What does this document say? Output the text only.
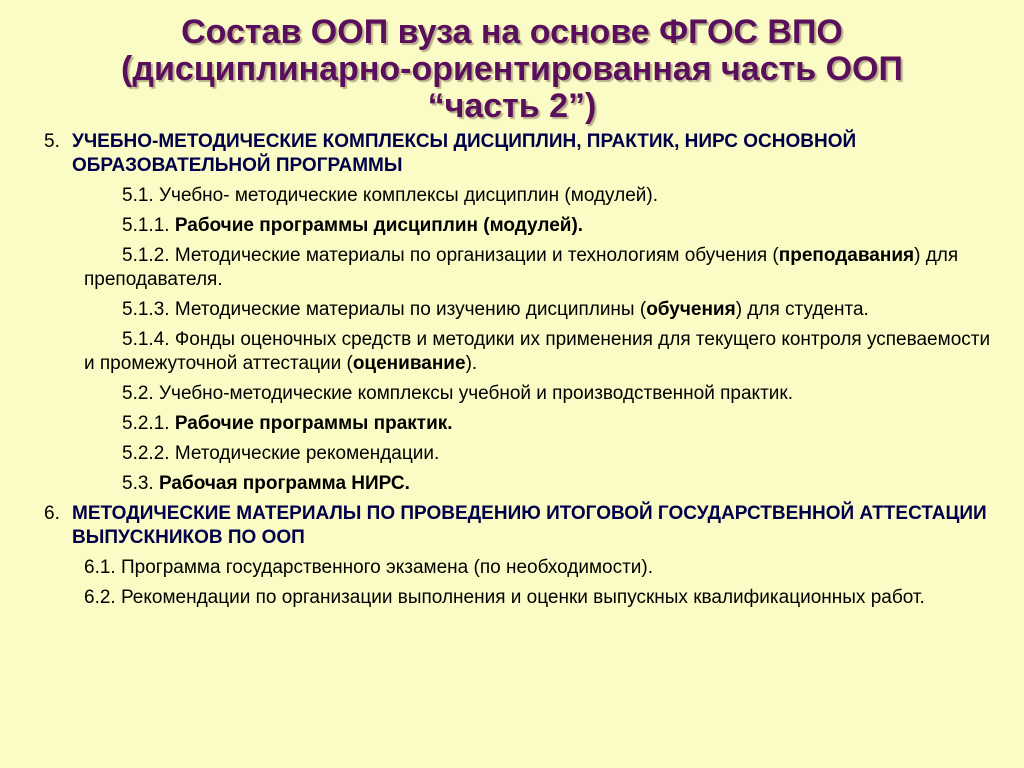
Состав ООП вуза на основе ФГОС ВПО
(дисциплинарно-ориентированная часть ООП
“часть 2”)
5. УЧЕБНО-МЕТОДИЧЕСКИЕ КОМПЛЕКСЫ ДИСЦИПЛИН, ПРАКТИК, НИРС ОСНОВНОЙ ОБРАЗОВАТЕЛЬНОЙ ПРОГРАММЫ
5.1. Учебно- методические комплексы дисциплин (модулей).
5.1.1. Рабочие программы дисциплин (модулей).
5.1.2. Методические материалы по организации и технологиям обучения (преподавания) для преподавателя.
5.1.3. Методические материалы по изучению дисциплины (обучения) для студента.
5.1.4. Фонды оценочных средств и методики их применения для текущего контроля успеваемости и промежуточной аттестации (оценивание).
5.2. Учебно-методические комплексы учебной и производственной практик.
5.2.1. Рабочие программы практик.
5.2.2. Методические рекомендации.
5.3. Рабочая программа НИРС.
6. МЕТОДИЧЕСКИЕ МАТЕРИАЛЫ ПО ПРОВЕДЕНИЮ ИТОГОВОЙ ГОСУДАРСТВЕННОЙ АТТЕСТАЦИИ ВЫПУСКНИКОВ ПО ООП
6.1. Программа государственного экзамена (по необходимости).
6.2. Рекомендации по организации выполнения и оценки выпускных квалификационных работ.
